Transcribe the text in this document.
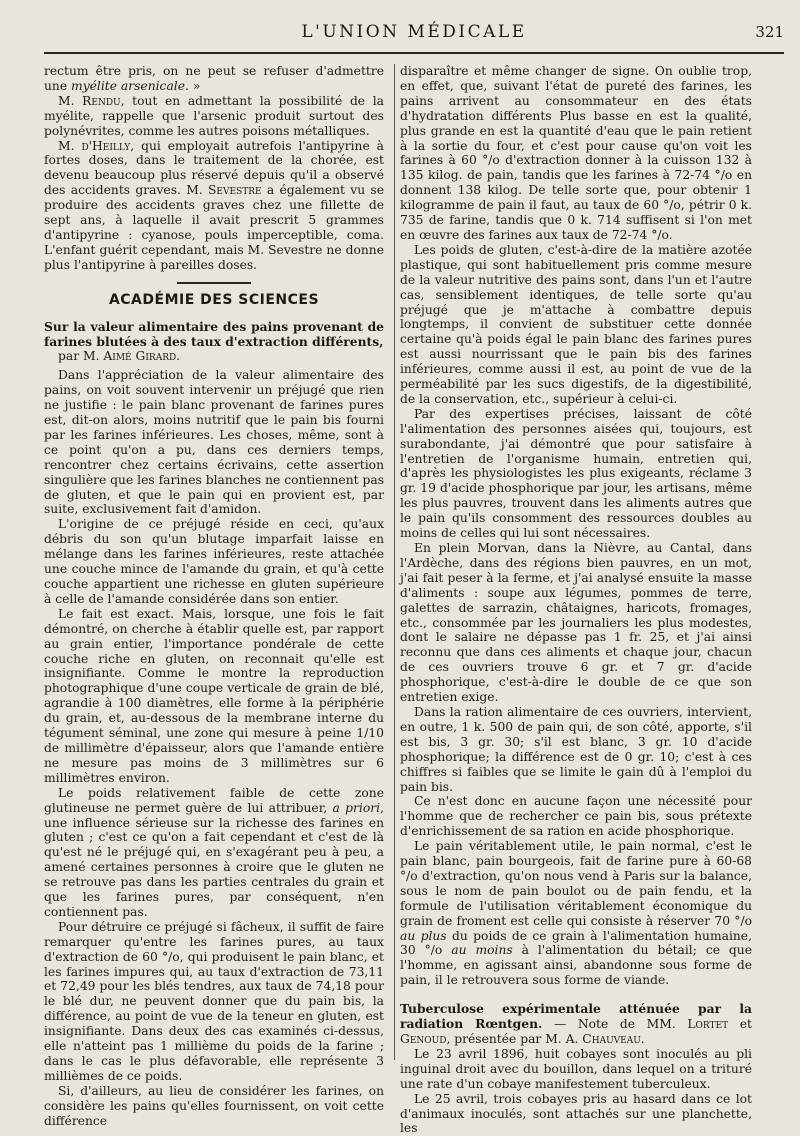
L'UNION MÉDICALE	321

rectum être pris, on ne peut se refuser d'admettre une myélite arsenicale. »

M. Rendu, tout en admettant la possibilité de la myélite, rappelle que l'arsenic produit surtout des polynévrites, comme les autres poisons métalliques.

M. d'Heilly, qui employait autrefois l'antipyrine à fortes doses, dans le traitement de la chorée, est devenu beaucoup plus réservé depuis qu'il a observé des accidents graves. M. Sevestre a également vu se produire des accidents graves chez une fillette de sept ans, à laquelle il avait prescrit 5 grammes d'antipyrine : cyanose, pouls imperceptible, coma. L'enfant guérit cependant, mais M. Sevestre ne donne plus l'antipyrine à pareilles doses.

ACADÉMIE DES SCIENCES

Sur la valeur alimentaire des pains provenant de farines blutées à des taux d'extraction différents,

par M. Aimé Girard.

Dans l'appréciation de la valeur alimentaire des pains, on voit souvent intervenir un préjugé que rien ne justifie : le pain blanc provenant de farines pures est, dit-on alors, moins nutritif que le pain bis fourni par les farines inférieures. Les choses, même, sont à ce point qu'on a pu, dans ces derniers temps, rencontrer chez certains écrivains, cette assertion singulière que les farines blanches ne contiennent pas de gluten, et que le pain qui en provient est, par suite, exclusivement fait d'amidon.

L'origine de ce préjugé réside en ceci, qu'aux débris du son qu'un blutage imparfait laisse en mélange dans les farines inférieures, reste attachée une couche mince de l'amande du grain, et qu'à cette couche appartient une richesse en gluten supérieure à celle de l'amande considérée dans son entier.

Le fait est exact. Mais, lorsque, une fois le fait démontré, on cherche à établir quelle est, par rapport au grain entier, l'importance pondérale de cette couche riche en gluten, on reconnait qu'elle est insignifiante. Comme le montre la reproduction photographique d'une coupe verticale de grain de blé, agrandie à 100 diamètres, elle forme à la périphérie du grain, et, au-dessous de la membrane interne du tégument séminal, une zone qui mesure à peine 1/10 de millimètre d'épaisseur, alors que l'amande entière ne mesure pas moins de 3 millimètres sur 6 millimètres environ.

Le poids relativement faible de cette zone glutineuse ne permet guère de lui attribuer, a priori, une influence sérieuse sur la richesse des farines en gluten ; c'est ce qu'on a fait cependant et c'est de là qu'est né le préjugé qui, en s'exagérant peu à peu, a amené certaines personnes à croire que le gluten ne se retrouve pas dans les parties centrales du grain et que les farines pures, par conséquent, n'en contiennent pas.

Pour détruire ce préjugé si fâcheux, il suffit de faire remarquer qu'entre les farines pures, au taux d'extraction de 60 °/o, qui produisent le pain blanc, et les farines impures qui, au taux d'extraction de 73,11 et 72,49 pour les blés tendres, aux taux de 74,18 pour le blé dur, ne peuvent donner que du pain bis, la différence, au point de vue de la teneur en gluten, est insignifiante. Dans deux des cas examinés ci-dessus, elle n'atteint pas 1 millième du poids de la farine ; dans le cas le plus défavorable, elle représente 3 millièmes de ce poids.

Si, d'ailleurs, au lieu de considérer les farines, on considère les pains qu'elles fournissent, on voit cette différence

disparaître et même changer de signe. On oublie trop, en effet, que, suivant l'état de pureté des farines, les pains arrivent au consommateur en des états d'hydratation différents Plus basse en est la qualité, plus grande en est la quantité d'eau que le pain retient à la sortie du four, et c'est pour cause qu'on voit les farines à 60 °/o d'extraction donner à la cuisson 132 à 135 kilog. de pain, tandis que les farines à 72-74 °/o en donnent 138 kilog. De telle sorte que, pour obtenir 1 kilogramme de pain il faut, au taux de 60 °/o, pétrir 0 k. 735 de farine, tandis que 0 k. 714 suffisent si l'on met en œuvre des farines aux taux de 72-74 °/o.

Les poids de gluten, c'est-à-dire de la matière azotée plastique, qui sont habituellement pris comme mesure de la valeur nutritive des pains sont, dans l'un et l'autre cas, sensiblement identiques, de telle sorte qu'au préjugé que je m'attache à combattre depuis longtemps, il convient de substituer cette donnée certaine qu'à poids égal le pain blanc des farines pures est aussi nourrissant que le pain bis des farines inférieures, comme aussi il est, au point de vue de la perméabilité par les sucs digestifs, de la digestibilité, de la conservation, etc., supérieur à celui-ci.

Par des expertises précises, laissant de côté l'alimentation des personnes aisées qui, toujours, est surabondante, j'ai démontré que pour satisfaire à l'entretien de l'organisme humain, entretien qui, d'après les physiologistes les plus exigeants, réclame 3 gr. 19 d'acide phosphorique par jour, les artisans, même les plus pauvres, trouvent dans les aliments autres que le pain qu'ils consomment des ressources doubles au moins de celles qui lui sont nécessaires.

En plein Morvan, dans la Nièvre, au Cantal, dans l'Ardèche, dans des régions bien pauvres, en un mot, j'ai fait peser à la ferme, et j'ai analysé ensuite la masse d'aliments : soupe aux légumes, pommes de terre, galettes de sarrazin, châtaignes, haricots, fromages, etc., consommée par les journaliers les plus modestes, dont le salaire ne dépasse pas 1 fr. 25, et j'ai ainsi reconnu que dans ces aliments et chaque jour, chacun de ces ouvriers trouve 6 gr. et 7 gr. d'acide phosphorique, c'est-à-dire le double de ce que son entretien exige.

Dans la ration alimentaire de ces ouvriers, intervient, en outre, 1 k. 500 de pain qui, de son côté, apporte, s'il est bis, 3 gr. 30; s'il est blanc, 3 gr. 10 d'acide phosphorique; la différence est de 0 gr. 10; c'est à ces chiffres si faibles que se limite le gain dû à l'emploi du pain bis.

Ce n'est donc en aucune façon une nécessité pour l'homme que de rechercher ce pain bis, sous prétexte d'enrichissement de sa ration en acide phosphorique.

Le pain véritablement utile, le pain normal, c'est le pain blanc, pain bourgeois, fait de farine pure à 60-68 °/o d'extraction, qu'on nous vend à Paris sur la balance, sous le nom de pain boulot ou de pain fendu, et la formule de l'utilisation véritablement économique du grain de froment est celle qui consiste à réserver 70 °/o au plus du poids de ce grain à l'alimentation humaine, 30 °/o au moins à l'alimentation du bétail; ce que l'homme, en agissant ainsi, abandonne sous forme de pain, il le retrouvera sous forme de viande.

Tuberculose expérimentale atténuée par la radiation Rœntgen. — Note de MM. Lortet et Genoud, présentée par M. A. Chauveau.

Le 23 avril 1896, huit cobayes sont inoculés au pli inguinal droit avec du bouillon, dans lequel on a trituré une rate d'un cobaye manifestement tuberculeux.

Le 25 avril, trois cobayes pris au hasard dans ce lot d'animaux inoculés, sont attachés sur une planchette, les
